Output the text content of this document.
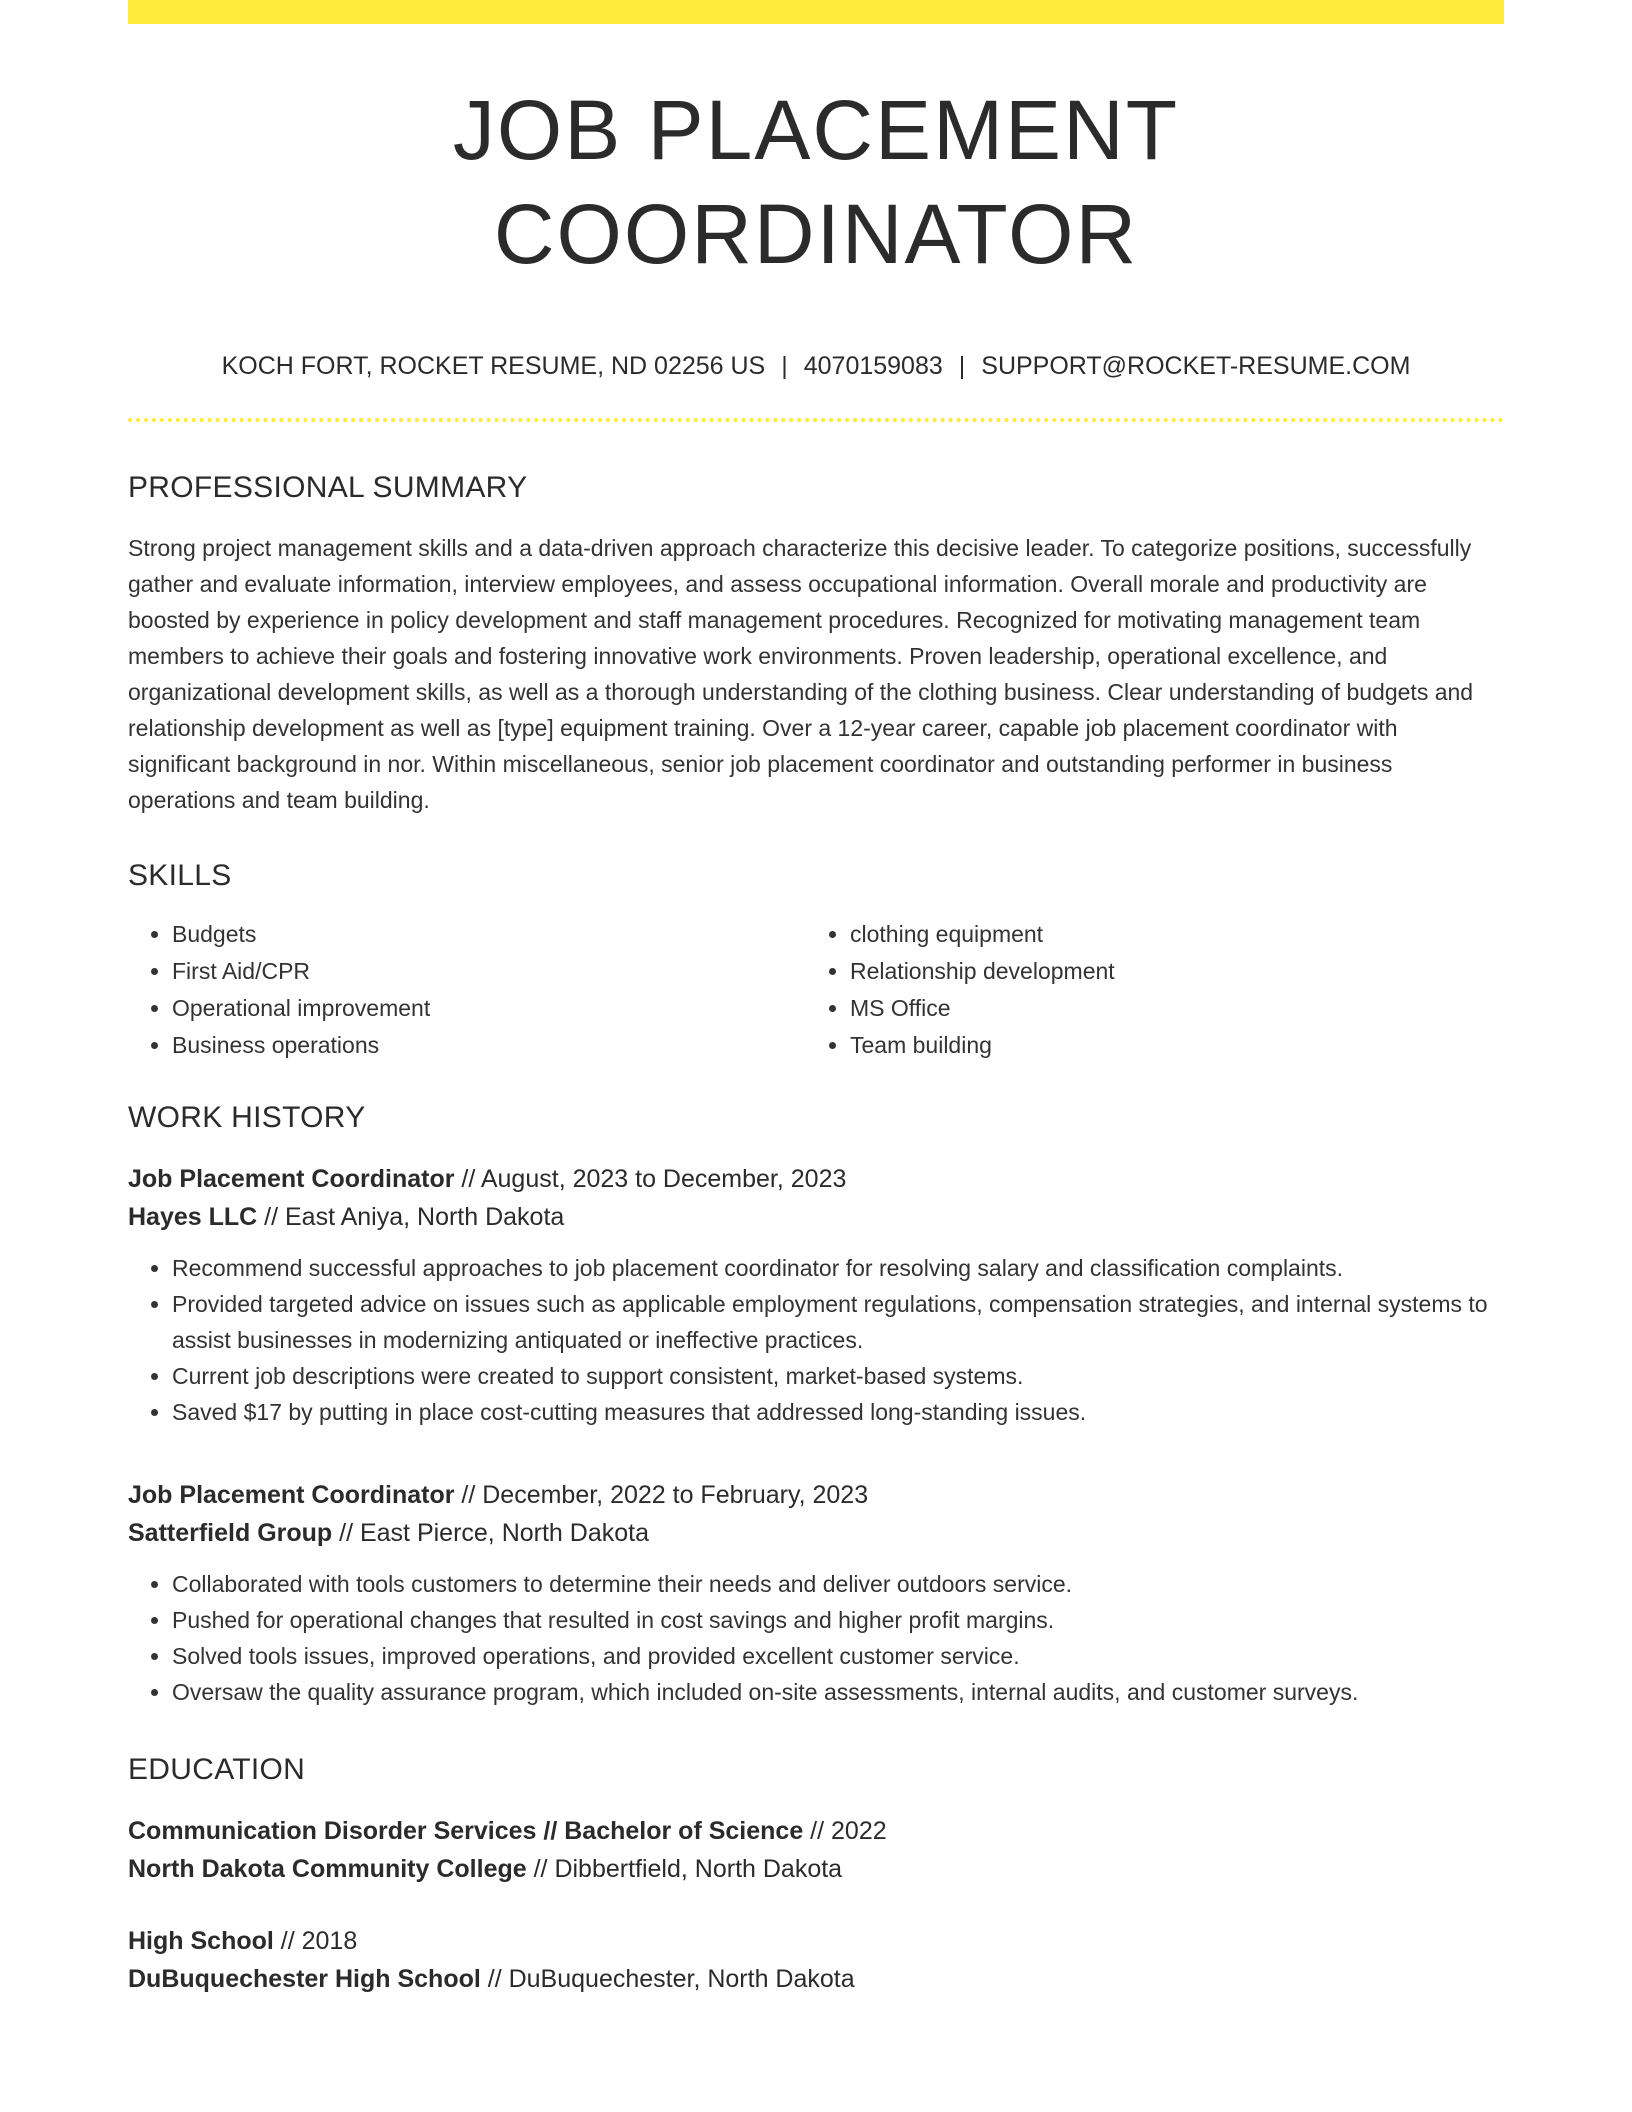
JOB PLACEMENT COORDINATOR
KOCH FORT, ROCKET RESUME, ND 02256 US | 4070159083 | SUPPORT@ROCKET-RESUME.COM
PROFESSIONAL SUMMARY

Strong project management skills and a data-driven approach characterize this decisive leader. To categorize positions, successfully gather and evaluate information, interview employees, and assess occupational information. Overall morale and productivity are boosted by experience in policy development and staff management procedures. Recognized for motivating management team members to achieve their goals and fostering innovative work environments. Proven leadership, operational excellence, and organizational development skills, as well as a thorough understanding of the clothing business. Clear understanding of budgets and relationship development as well as [type] equipment training. Over a 12-year career, capable job placement coordinator with significant background in nor. Within miscellaneous, senior job placement coordinator and outstanding performer in business operations and team building.

SKILLS
• Budgets
• First Aid/CPR
• Operational improvement
• Business operations
• clothing equipment
• Relationship development
• MS Office
• Team building
WORK HISTORY
Job Placement Coordinator // August, 2023 to December, 2023
Hayes LLC // East Aniya, North Dakota
• Recommend successful approaches to job placement coordinator for resolving salary and classification complaints.
• Provided targeted advice on issues such as applicable employment regulations, compensation strategies, and internal systems to assist businesses in modernizing antiquated or ineffective practices.
• Current job descriptions were created to support consistent, market-based systems.
• Saved $17 by putting in place cost-cutting measures that addressed long-standing issues.
Job Placement Coordinator // December, 2022 to February, 2023
Satterfield Group // East Pierce, North Dakota
• Collaborated with tools customers to determine their needs and deliver outdoors service.
• Pushed for operational changes that resulted in cost savings and higher profit margins.
• Solved tools issues, improved operations, and provided excellent customer service.
• Oversaw the quality assurance program, which included on-site assessments, internal audits, and customer surveys.
EDUCATION
Communication Disorder Services // Bachelor of Science // 2022
North Dakota Community College // Dibbertfield, North Dakota
High School // 2018
DuBuquechester High School // DuBuquechester, North Dakota
